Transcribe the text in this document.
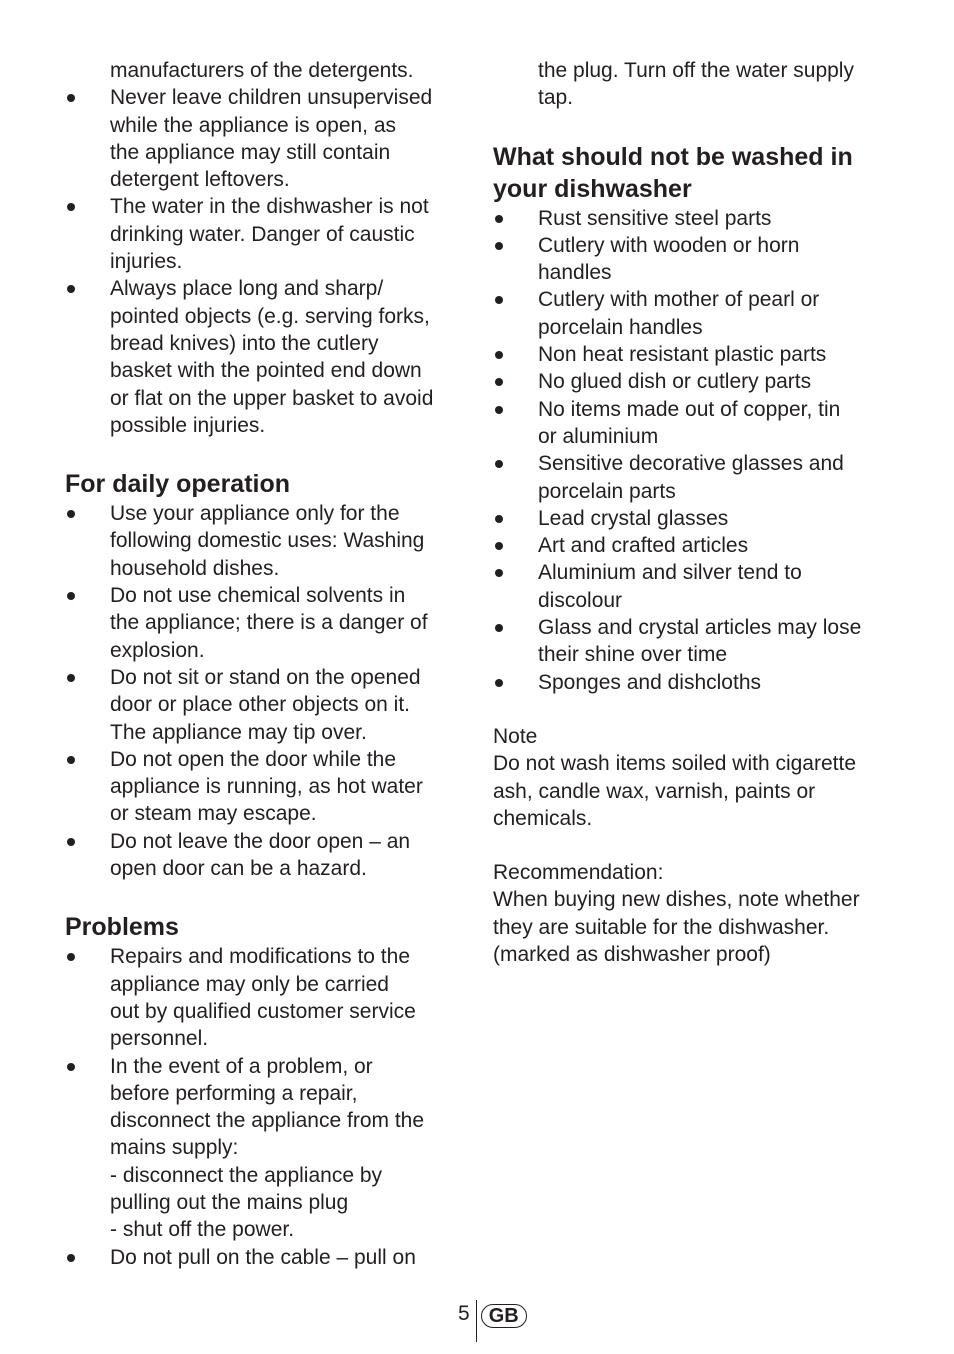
manufacturers of the detergents.
Never leave children unsupervised
while the appliance is open, as
the appliance may still contain
detergent leftovers.
The water in the dishwasher is not
drinking water. Danger of caustic
injuries.
Always place long and sharp/
pointed objects (e.g. serving forks,
bread knives) into the cutlery
basket with the pointed end down
or flat on the upper basket to avoid
possible injuries.
For daily operation
Use your appliance only for the
following domestic uses: Washing
household dishes.
Do not use chemical solvents in
the appliance; there is a danger of
explosion.
Do not sit or stand on the opened
door or place other objects on it.
The appliance may tip over.
Do not open the door while the
appliance is running, as hot water
or steam may escape.
Do not leave the door open – an
open door can be a hazard.
Problems
Repairs and modifications to the
appliance may only be carried
out by qualified customer service
personnel.
In the event of a problem, or
before performing a repair,
disconnect the appliance from the
mains supply:
- disconnect the appliance by
pulling out the mains plug
- shut off the power.
Do not pull on the cable – pull on
the plug. Turn off the water supply
tap.
What should not be washed in
your dishwasher
Rust sensitive steel parts
Cutlery with wooden or horn
handles
Cutlery with mother of pearl or
porcelain handles
Non heat resistant plastic parts
No glued dish or cutlery parts
No items made out of copper, tin
or aluminium
Sensitive decorative glasses and
porcelain parts
Lead crystal glasses
Art and crafted articles
Aluminium and silver tend to
discolour
Glass and crystal articles may lose
their shine over time
Sponges and dishcloths
Note
Do not wash items soiled with cigarette
ash, candle wax, varnish, paints or
chemicals.
Recommendation:
When buying new dishes, note whether
they are suitable for the dishwasher.
(marked as dishwasher proof)
5 GB
